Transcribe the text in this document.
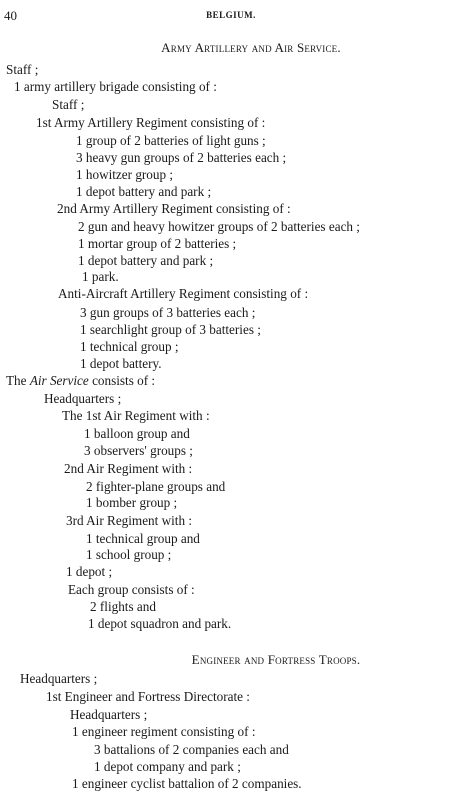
40	BELGIUM.
Army Artillery and Air Service.
Staff ;
1 army artillery brigade consisting of :
Staff ;
1st Army Artillery Regiment consisting of :
1 group of 2 batteries of light guns ;
3 heavy gun groups of 2 batteries each ;
1 howitzer group ;
1 depot battery and park ;
2nd Army Artillery Regiment consisting of :
2 gun and heavy howitzer groups of 2 batteries each ;
1 mortar group of 2 batteries ;
1 depot battery and park ;
1 park.
Anti-Aircraft Artillery Regiment consisting of :
3 gun groups of 3 batteries each ;
1 searchlight group of 3 batteries ;
1 technical group ;
1 depot battery.
The Air Service consists of :
Headquarters ;
The 1st Air Regiment with :
1 balloon group and
3 observers' groups ;
2nd Air Regiment with :
2 fighter-plane groups and
1 bomber group ;
3rd Air Regiment with :
1 technical group and
1 school group ;
1 depot ;
Each group consists of :
2 flights and
1 depot squadron and park.
Engineer and Fortress Troops.
Headquarters ;
1st Engineer and Fortress Directorate :
Headquarters ;
1 engineer regiment consisting of :
3 battalions of 2 companies each and
1 depot company and park ;
1 engineer cyclist battalion of 2 companies.
